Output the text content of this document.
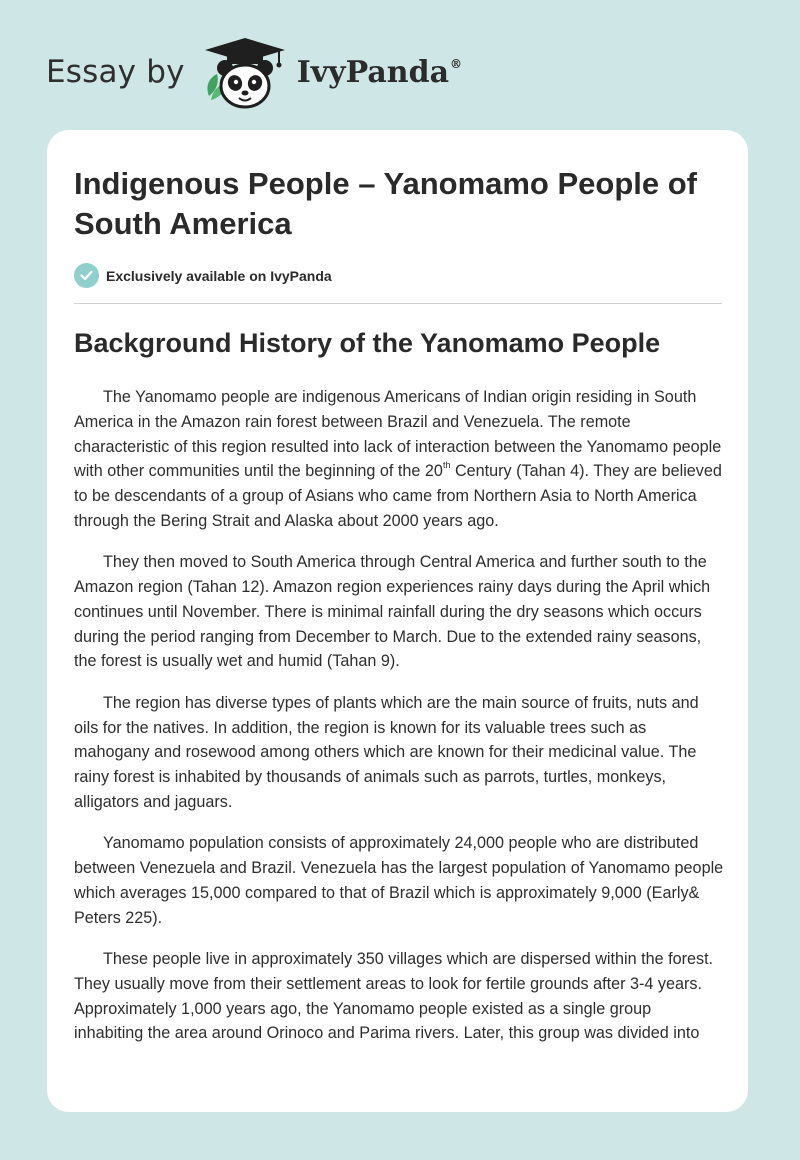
Essay by	IvyPanda®
Indigenous People – Yanomamo People of South America
Exclusively available on IvyPanda
Background History of the Yanomamo People

The Yanomamo people are indigenous Americans of Indian origin residing in South America in the Amazon rain forest between Brazil and Venezuela. The remote characteristic of this region resulted into lack of interaction between the Yanomamo people with other communities until the beginning of the 20th Century (Tahan 4). They are believed to be descendants of a group of Asians who came from Northern Asia to North America through the Bering Strait and Alaska about 2000 years ago.

They then moved to South America through Central America and further south to the Amazon region (Tahan 12). Amazon region experiences rainy days during the April which continues until November. There is minimal rainfall during the dry seasons which occurs during the period ranging from December to March. Due to the extended rainy seasons, the forest is usually wet and humid (Tahan 9).

The region has diverse types of plants which are the main source of fruits, nuts and oils for the natives. In addition, the region is known for its valuable trees such as mahogany and rosewood among others which are known for their medicinal value. The rainy forest is inhabited by thousands of animals such as parrots, turtles, monkeys, alligators and jaguars.

Yanomamo population consists of approximately 24,000 people who are distributed between Venezuela and Brazil. Venezuela has the largest population of Yanomamo people which averages 15,000 compared to that of Brazil which is approximately 9,000 (Early& Peters 225).

These people live in approximately 350 villages which are dispersed within the forest. They usually move from their settlement areas to look for fertile grounds after 3-4 years. Approximately 1,000 years ago, the Yanomamo people existed as a single group inhabiting the area around Orinoco and Parima rivers. Later, this group was divided into
